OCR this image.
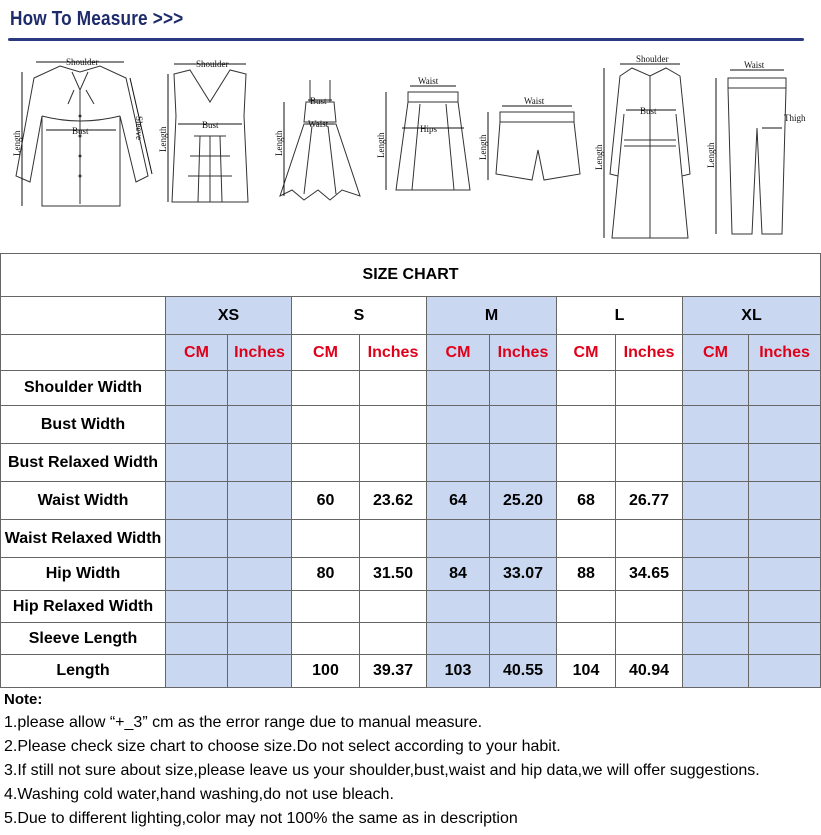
How To Measure >>>
Shoulder
Length	Bust	Sleeve
Shoulder
Length
Bust
Length
Bust
Waist
Waist
Length
Hips
Waist
Length
Shoulder
Length
Bust
Waist
Length
Thigh
SIZE CHART										
	XS		S		M		L		XL	
	CM	Inches	CM	Inches	CM	Inches	CM	Inches	CM	Inches
Shoulder Width										
Bust Width										
Bust Relaxed Width										
Waist Width			60	23.62	64	25.20	68	26.77		
Waist Relaxed Width										
Hip Width			80	31.50	84	33.07	88	34.65		
Hip Relaxed Width										
Sleeve Length										
Length			100	39.37	103	40.55	104	40.94		
Note:
1.please allow “+_3” cm as the error range due to manual measure.
2.Please check size chart to choose size.Do not select according to your habit.
3.If still not sure about size,please leave us your shoulder,bust,waist and hip data,we will offer suggestions.
4.Washing cold water,hand washing,do not use bleach.
5.Due to different lighting,color may not 100% the same as in description
